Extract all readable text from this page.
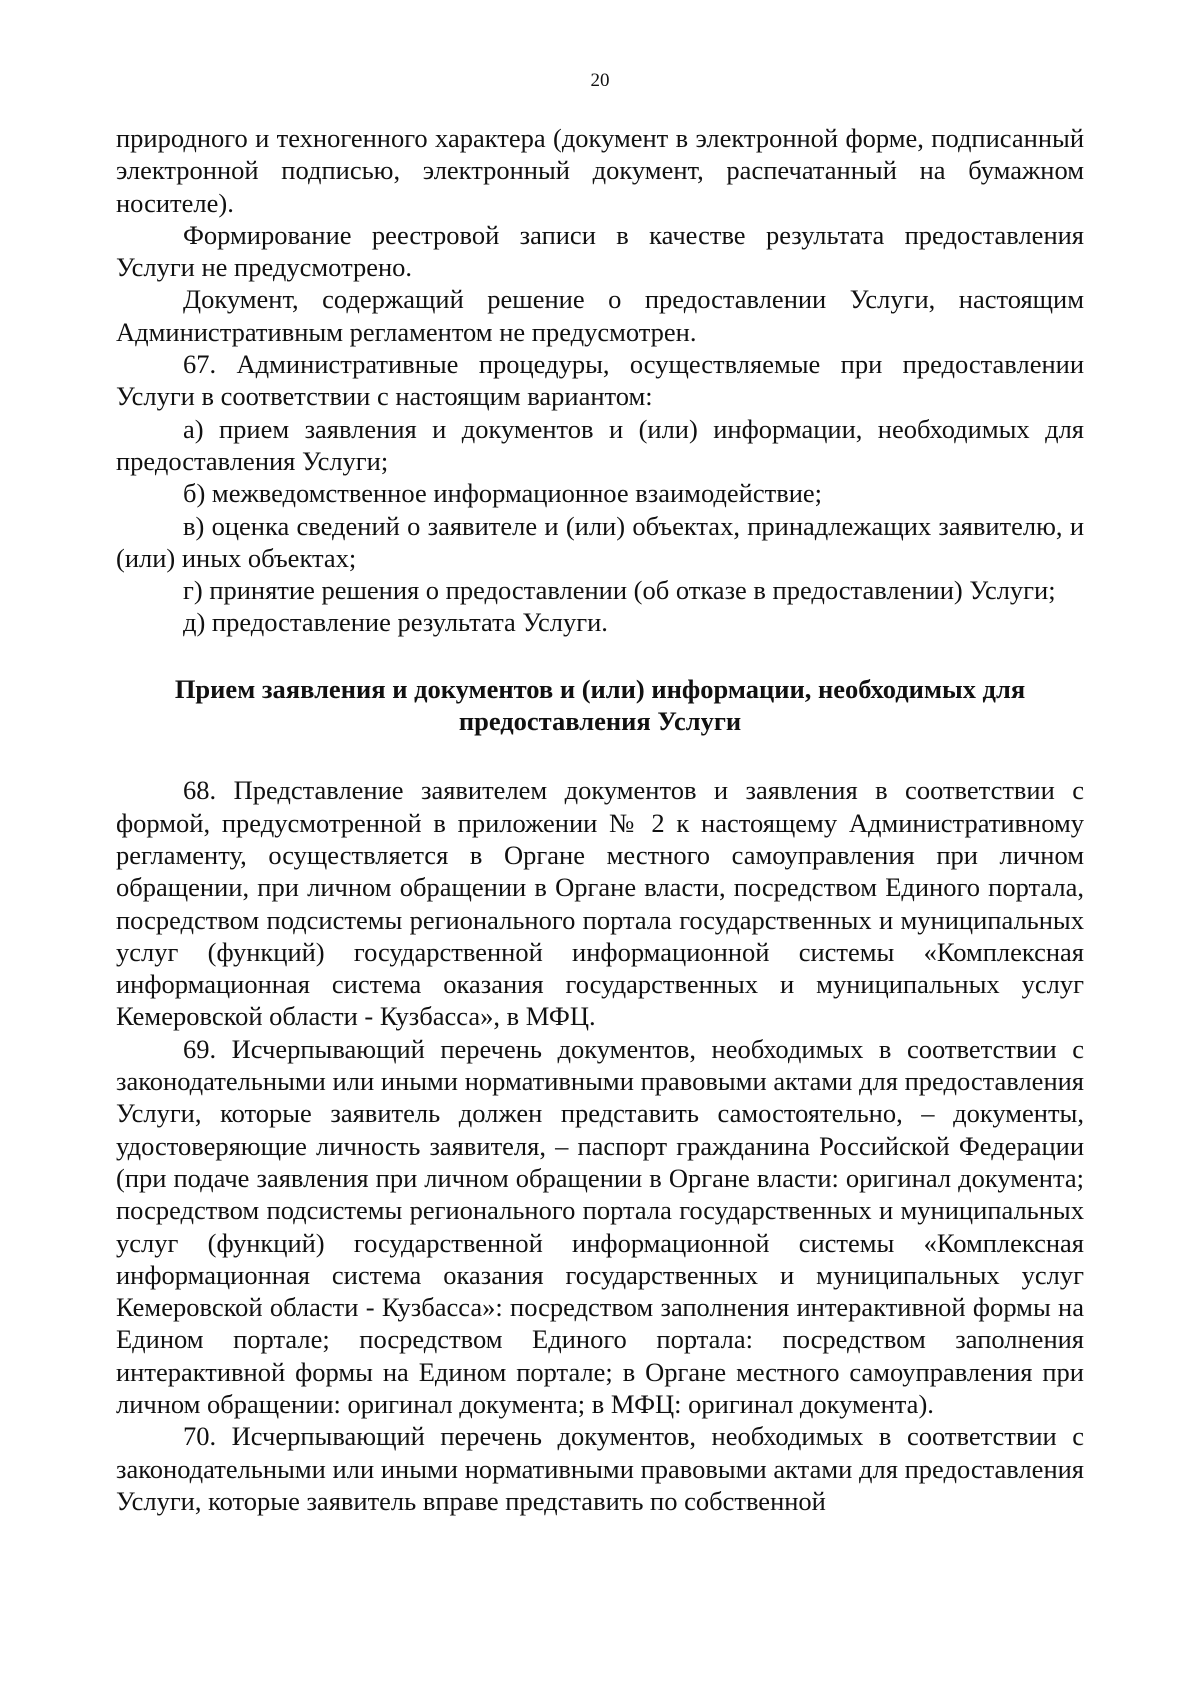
20

природного и техногенного характера (документ в электронной форме, подписанный электронной подписью, электронный документ, распечатанный на бумажном носителе).

Формирование реестровой записи в качестве результата предоставления Услуги не предусмотрено.

Документ, содержащий решение о предоставлении Услуги, настоящим Административным регламентом не предусмотрен.

67. Административные процедуры, осуществляемые при предоставлении Услуги в соответствии с настоящим вариантом:

а) прием заявления и документов и (или) информации, необходимых для предоставления Услуги;

б) межведомственное информационное взаимодействие;

в) оценка сведений о заявителе и (или) объектах, принадлежащих заявителю, и (или) иных объектах;

г) принятие решения о предоставлении (об отказе в предоставлении) Услуги;

д) предоставление результата Услуги.

Прием заявления и документов и (или) информации, необходимых для
предоставления Услуги

68. Представление заявителем документов и заявления в соответствии с формой, предусмотренной в приложении № 2 к настоящему Административному регламенту, осуществляется в Органе местного самоуправления при личном обращении, при личном обращении в Органе власти, посредством Единого портала, посредством подсистемы регионального портала государственных и муниципальных услуг (функций) государственной информационной системы «Комплексная информационная система оказания государственных и муниципальных услуг Кемеровской области - Кузбасса», в МФЦ.

69. Исчерпывающий перечень документов, необходимых в соответствии с законодательными или иными нормативными правовыми актами для предоставления Услуги, которые заявитель должен представить самостоятельно, – документы, удостоверяющие личность заявителя, – паспорт гражданина Российской Федерации (при подаче заявления при личном обращении в Органе власти: оригинал документа; посредством подсистемы регионального портала государственных и муниципальных услуг (функций) государственной информационной системы «Комплексная информационная система оказания государственных и муниципальных услуг Кемеровской области - Кузбасса»: посредством заполнения интерактивной формы на Едином портале; посредством Единого портала: посредством заполнения интерактивной формы на Едином портале; в Органе местного самоуправления при личном обращении: оригинал документа; в МФЦ: оригинал документа).

70. Исчерпывающий перечень документов, необходимых в соответствии с законодательными или иными нормативными правовыми актами для предоставления Услуги, которые заявитель вправе представить по собственной
